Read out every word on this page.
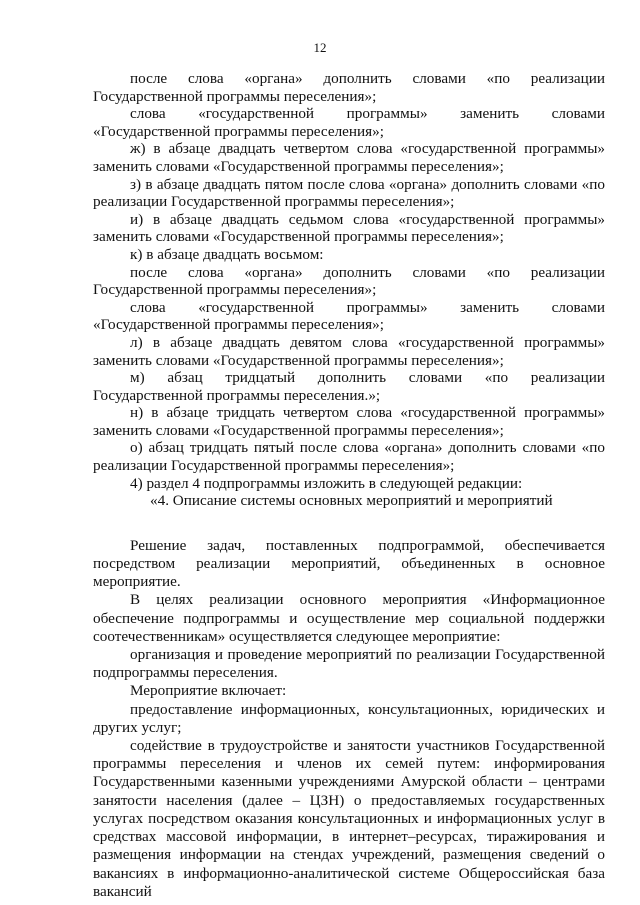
12

после слова «органа» дополнить словами «по реализации Государственной программы переселения»;

слова «государственной программы» заменить словами «Государственной программы переселения»;

ж) в абзаце двадцать четвертом слова «государственной программы» заменить словами «Государственной программы переселения»;

з) в абзаце двадцать пятом после слова «органа» дополнить словами «по реализации Государственной программы переселения»;

и) в абзаце двадцать седьмом слова «государственной программы» заменить словами «Государственной программы переселения»;

к) в абзаце двадцать восьмом:

после слова «органа» дополнить словами «по реализации Государственной программы переселения»;

слова «государственной программы» заменить словами «Государственной программы переселения»;

л) в абзаце двадцать девятом слова «государственной программы» заменить словами «Государственной программы переселения»;

м) абзац тридцатый дополнить словами «по реализации Государственной программы переселения.»;

н) в абзаце тридцать четвертом слова «государственной программы» заменить словами «Государственной программы переселения»;

о) абзац тридцать пятый после слова «органа» дополнить словами «по реализации Государственной программы переселения»;

4) раздел 4 подпрограммы изложить в следующей редакции:

«4. Описание системы основных мероприятий и мероприятий

Решение задач, поставленных подпрограммой, обеспечивается посредством реализации мероприятий, объединенных в основное мероприятие.

В целях реализации основного мероприятия «Информационное обеспечение подпрограммы и осуществление мер социальной поддержки соотечественникам» осуществляется следующее мероприятие:

организация и проведение мероприятий по реализации Государственной подпрограммы переселения.

Мероприятие включает:

предоставление информационных, консультационных, юридических и других услуг;

содействие в трудоустройстве и занятости участников Государственной программы переселения и членов их семей путем: информирования Государственными казенными учреждениями Амурской области – центрами занятости населения (далее – ЦЗН) о предоставляемых государственных услугах посредством оказания консультационных и информационных услуг в средствах массовой информации, в интернет–ресурсах, тиражирования и размещения информации на стендах учреждений, размещения сведений о вакансиях в информационно-аналитической системе Общероссийская база вакансий
